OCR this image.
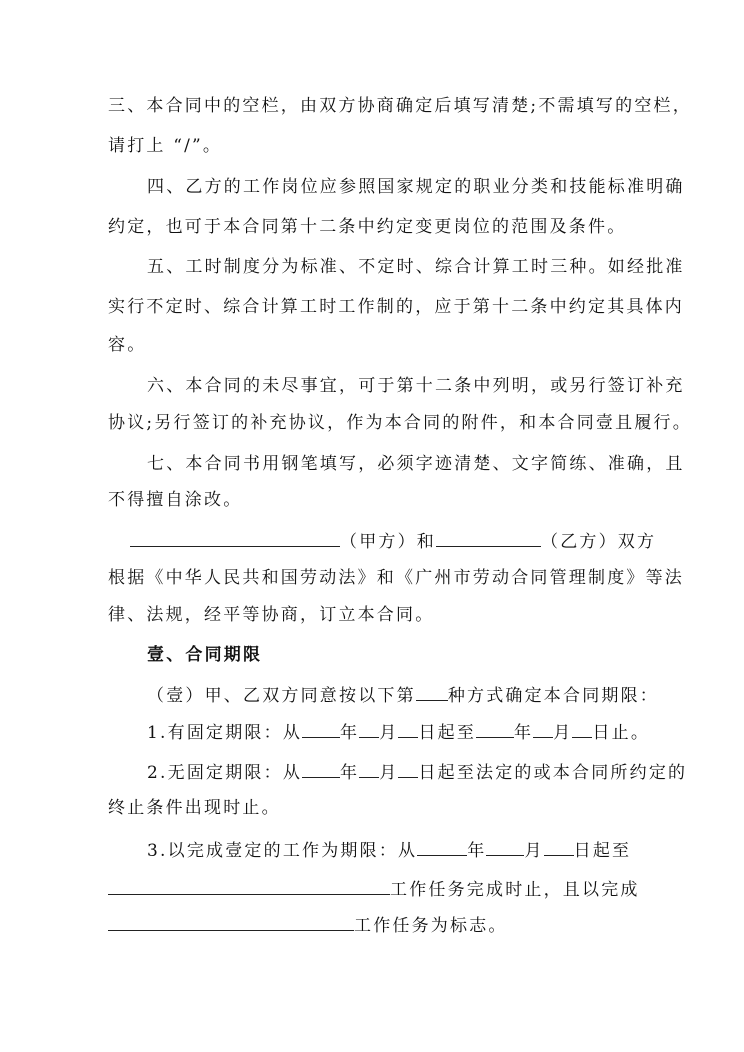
三、本合同中的空栏，由双方协商确定后填写清楚;不需填写的空栏，
请打上 “/”。
四、乙方的工作岗位应参照国家规定的职业分类和技能标准明确
约定，也可于本合同第十二条中约定变更岗位的范围及条件。
五、工时制度分为标准、不定时、综合计算工时三种。如经批准
实行不定时、综合计算工时工作制的，应于第十二条中约定其具体内
容。
六、本合同的未尽事宜，可于第十二条中列明，或另行签订补充
协议;另行签订的补充协议，作为本合同的附件，和本合同壹且履行。
七、本合同书用钢笔填写，必须字迹清楚、文字简练、准确，且
不得擅自涂改。
（甲方）和	（乙方）双方
根据《中华人民共和国劳动法》和《广州市劳动合同管理制度》等法
律、法规，经平等协商，订立本合同。
壹、合同期限
（壹）甲、乙双方同意按以下第 种方式确定本合同期限：
1.有固定期限：从 年 月 日起至 年 月 日止。
2.无固定期限：从 年 月 日起至法定的或本合同所约定的
终止条件出现时止。
3.以完成壹定的工作为期限：从	年 月 日起至
工作任务完成时止，且以完成
工作任务为标志。
